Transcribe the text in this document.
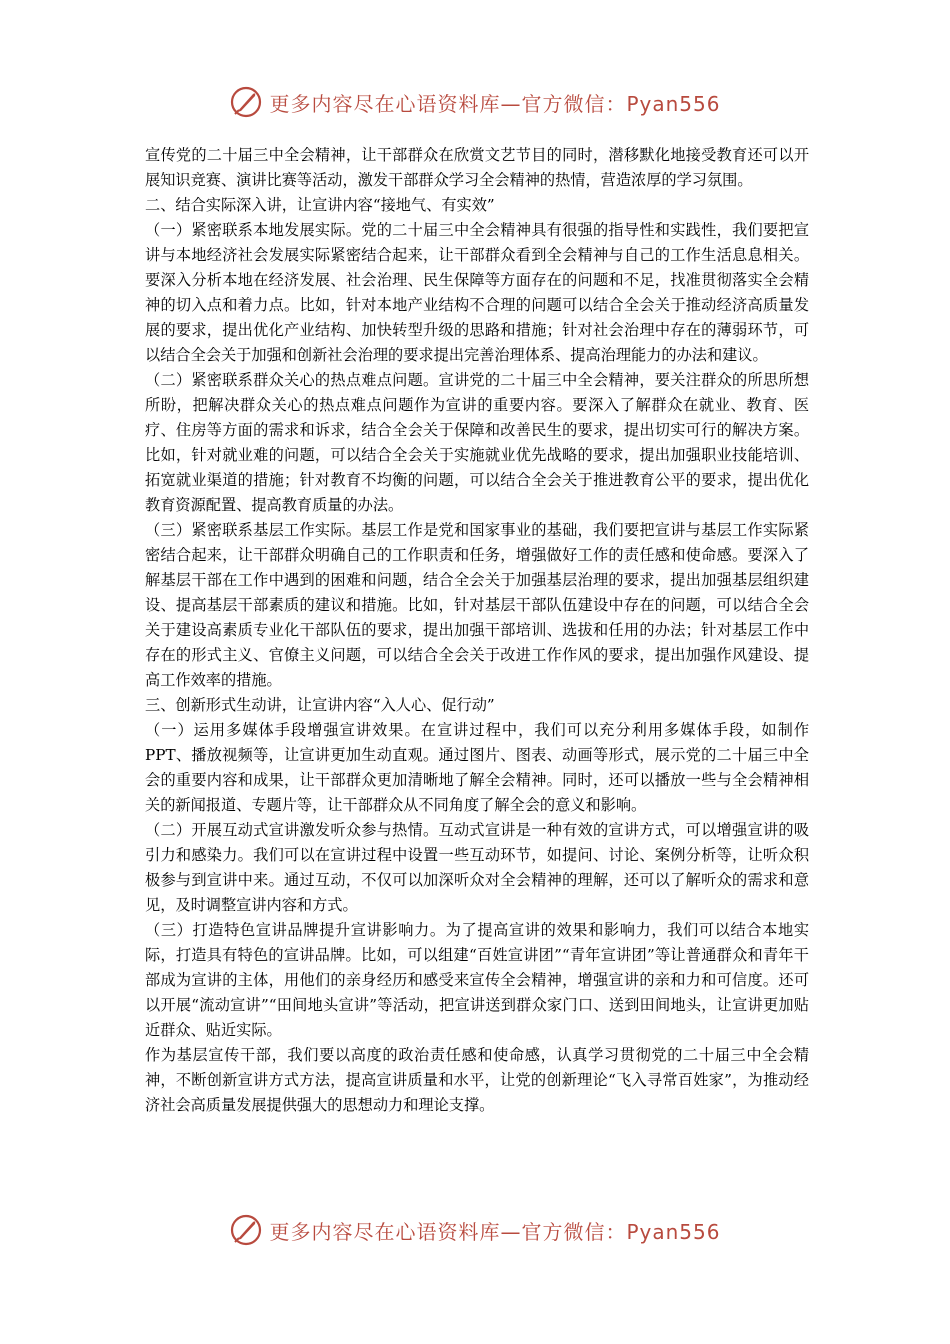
更多内容尽在心语资料库—官方微信：Pyan556

宣传党的二十届三中全会精神，让干部群众在欣赏文艺节目的同时，潜移默化地接受教育还可以开展知识竞赛、演讲比赛等活动，激发干部群众学习全会精神的热情，营造浓厚的学习氛围。

二、结合实际深入讲，让宣讲内容“接地气、有实效”

（一）紧密联系本地发展实际。党的二十届三中全会精神具有很强的指导性和实践性，我们要把宣讲与本地经济社会发展实际紧密结合起来，让干部群众看到全会精神与自己的工作生活息息相关。要深入分析本地在经济发展、社会治理、民生保障等方面存在的问题和不足，找准贯彻落实全会精神的切入点和着力点。比如，针对本地产业结构不合理的问题可以结合全会关于推动经济高质量发展的要求，提出优化产业结构、加快转型升级的思路和措施；针对社会治理中存在的薄弱环节，可以结合全会关于加强和创新社会治理的要求提出完善治理体系、提高治理能力的办法和建议。

（二）紧密联系群众关心的热点难点问题。宣讲党的二十届三中全会精神，要关注群众的所思所想所盼，把解决群众关心的热点难点问题作为宣讲的重要内容。要深入了解群众在就业、教育、医疗、住房等方面的需求和诉求，结合全会关于保障和改善民生的要求，提出切实可行的解决方案。比如，针对就业难的问题，可以结合全会关于实施就业优先战略的要求，提出加强职业技能培训、拓宽就业渠道的措施；针对教育不均衡的问题，可以结合全会关于推进教育公平的要求，提出优化教育资源配置、提高教育质量的办法。

（三）紧密联系基层工作实际。基层工作是党和国家事业的基础，我们要把宣讲与基层工作实际紧密结合起来，让干部群众明确自己的工作职责和任务，增强做好工作的责任感和使命感。要深入了解基层干部在工作中遇到的困难和问题，结合全会关于加强基层治理的要求，提出加强基层组织建设、提高基层干部素质的建议和措施。比如，针对基层干部队伍建设中存在的问题，可以结合全会关于建设高素质专业化干部队伍的要求，提出加强干部培训、选拔和任用的办法；针对基层工作中存在的形式主义、官僚主义问题，可以结合全会关于改进工作作风的要求，提出加强作风建设、提高工作效率的措施。

三、创新形式生动讲，让宣讲内容“入人心、促行动”

（一）运用多媒体手段增强宣讲效果。在宣讲过程中，我们可以充分利用多媒体手段，如制作PPT、播放视频等，让宣讲更加生动直观。通过图片、图表、动画等形式，展示党的二十届三中全会的重要内容和成果，让干部群众更加清晰地了解全会精神。同时，还可以播放一些与全会精神相关的新闻报道、专题片等，让干部群众从不同角度了解全会的意义和影响。

（二）开展互动式宣讲激发听众参与热情。互动式宣讲是一种有效的宣讲方式，可以增强宣讲的吸引力和感染力。我们可以在宣讲过程中设置一些互动环节，如提问、讨论、案例分析等，让听众积极参与到宣讲中来。通过互动，不仅可以加深听众对全会精神的理解，还可以了解听众的需求和意见，及时调整宣讲内容和方式。

（三）打造特色宣讲品牌提升宣讲影响力。为了提高宣讲的效果和影响力，我们可以结合本地实际，打造具有特色的宣讲品牌。比如，可以组建“百姓宣讲团”“青年宣讲团”等让普通群众和青年干部成为宣讲的主体，用他们的亲身经历和感受来宣传全会精神，增强宣讲的亲和力和可信度。还可以开展“流动宣讲”“田间地头宣讲”等活动，把宣讲送到群众家门口、送到田间地头，让宣讲更加贴近群众、贴近实际。

作为基层宣传干部，我们要以高度的政治责任感和使命感，认真学习贯彻党的二十届三中全会精神，不断创新宣讲方式方法，提高宣讲质量和水平，让党的创新理论“飞入寻常百姓家”，为推动经济社会高质量发展提供强大的思想动力和理论支撑。

更多内容尽在心语资料库—官方微信：Pyan556
